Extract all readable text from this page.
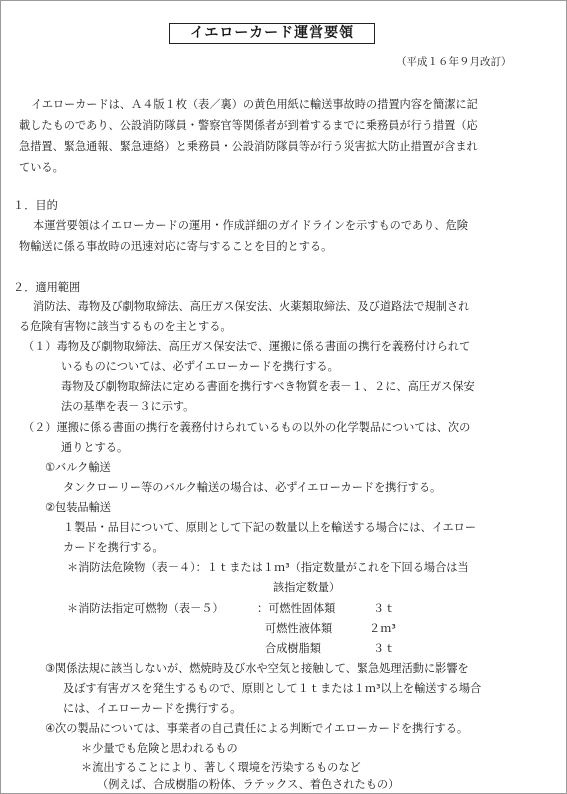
イエローカード運営要領
（平成１６年９月改訂）
イエローカードは、Ａ４版１枚（表／裏）の黄色用紙に輸送事故時の措置内容を簡潔に記
載したものであり、公設消防隊員・警察官等関係者が到着するまでに乗務員が行う措置（応
急措置、緊急通報、緊急連絡）と乗務員・公設消防隊員等が行う災害拡大防止措置が含まれ
ている。
１．目的
本運営要領はイエローカードの運用・作成詳細のガイドラインを示すものであり、危険
物輸送に係る事故時の迅速対応に寄与することを目的とする。
２．適用範囲
消防法、毒物及び劇物取締法、高圧ガス保安法、火薬類取締法、及び道路法で規制され
る危険有害物に該当するものを主とする。
（１）毒物及び劇物取締法、高圧ガス保安法で、運搬に係る書面の携行を義務付けられて
いるものについては、必ずイエローカードを携行する。
毒物及び劇物取締法に定める書面を携行すべき物質を表－１、２に、高圧ガス保安
法の基準を表－３に示す。
（２）運搬に係る書面の携行を義務付けられているもの以外の化学製品については、次の
通りとする。
①バルク輸送
タンクローリー等のバルク輸送の場合は、必ずイエローカードを携行する。
②包装品輸送
１製品・品目について、原則として下記の数量以上を輸送する場合には、イエロー
カードを携行する。
＊消防法危険物（表－４）：１ｔまたは１ｍ³（指定数量がこれを下回る場合は当
該指定数量）
＊消防法指定可燃物（表－５）	：可燃性固体類	３ｔ
可燃性液体類	２ｍ³
合成樹脂類	３ｔ
③関係法規に該当しないが、燃焼時及び水や空気と接触して、緊急処理活動に影響を
及ぼす有害ガスを発生するもので、原則として１ｔまたは１ｍ³以上を輸送する場合
には、イエローカードを携行する。
④次の製品については、事業者の自己責任による判断でイエローカードを携行する。
＊少量でも危険と思われるもの
＊流出することにより、著しく環境を汚染するものなど
（例えば、合成樹脂の粉体、ラテックス、着色されたもの）
